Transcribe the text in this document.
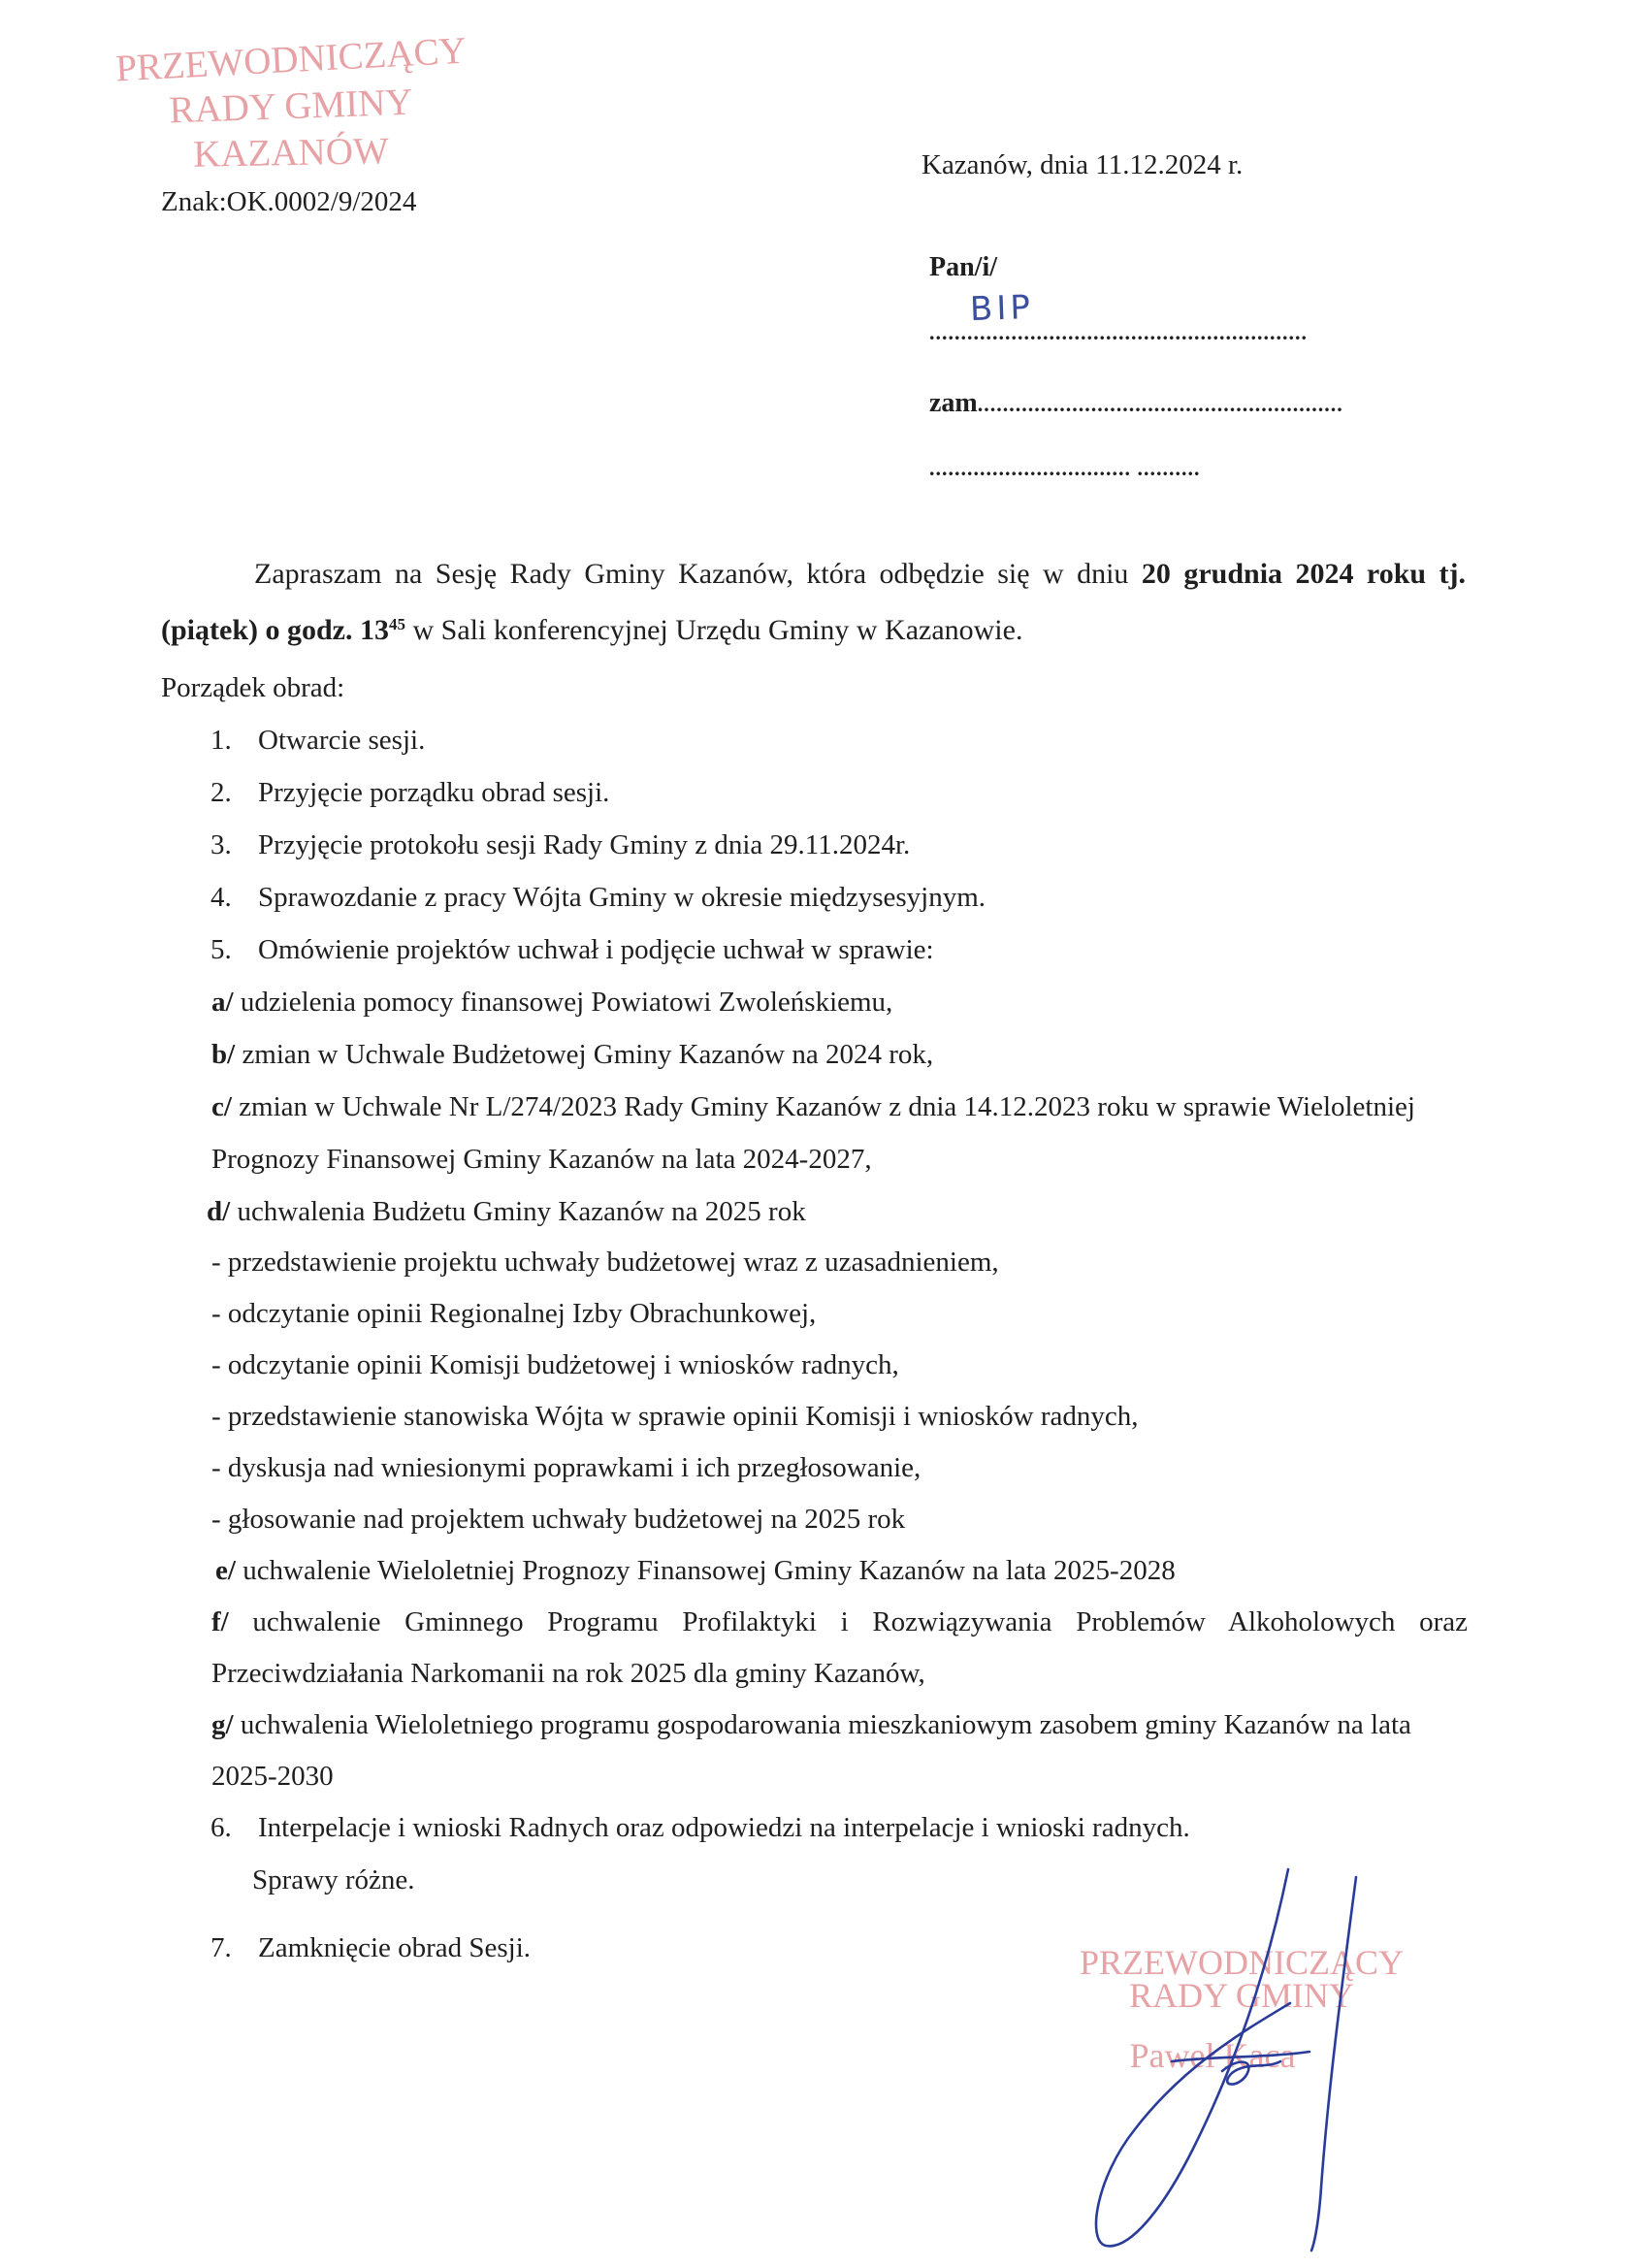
PRZEWODNICZĄCY
RADY GMINY
KAZANÓW
Znak:OK.0002/9/2024
Kazanów, dnia 11.12.2024 r.
Pan/i/
BIP
............................................................
zam..........................................................
................................ ..........

Zapraszam na Sesję Rady Gminy Kazanów, która odbędzie się w dniu 20 grudnia 2024 roku tj. (piątek) o godz. $13^{45}$ w Sali konferencyjnej Urzędu Gminy w Kazanowie.

Porządek obrad:
1. Otwarcie sesji.
2. Przyjęcie porządku obrad sesji.
3. Przyjęcie protokołu sesji Rady Gminy z dnia 29.11.2024r.
4. Sprawozdanie z pracy Wójta Gminy w okresie międzysesyjnym.
5. Omówienie projektów uchwał i podjęcie uchwał w sprawie:
a/ udzielenia pomocy finansowej Powiatowi Zwoleńskiemu,
b/ zmian w Uchwale Budżetowej Gminy Kazanów na 2024 rok,
c/ zmian w Uchwale Nr L/274/2023 Rady Gminy Kazanów z dnia 14.12.2023 roku w sprawie Wieloletniej
Prognozy Finansowej Gminy Kazanów na lata 2024-2027,
d/ uchwalenia Budżetu Gminy Kazanów na 2025 rok
- przedstawienie projektu uchwały budżetowej wraz z uzasadnieniem,
- odczytanie opinii Regionalnej Izby Obrachunkowej,
- odczytanie opinii Komisji budżetowej i wniosków radnych,
- przedstawienie stanowiska Wójta w sprawie opinii Komisji i wniosków radnych,
- dyskusja nad wniesionymi poprawkami i ich przegłosowanie,
- głosowanie nad projektem uchwały budżetowej na 2025 rok
e/ uchwalenie Wieloletniej Prognozy Finansowej Gminy Kazanów na lata 2025-2028
f/ uchwalenie Gminnego Programu Profilaktyki i Rozwiązywania Problemów Alkoholowych oraz
Przeciwdziałania Narkomanii na rok 2025 dla gminy Kazanów,
g/ uchwalenia Wieloletniego programu gospodarowania mieszkaniowym zasobem gminy Kazanów na lata
2025-2030
6. Interpelacje i wnioski Radnych oraz odpowiedzi na interpelacje i wnioski radnych.
Sprawy różne.
7. Zamknięcie obrad Sesji.	PRZEWODNICZĄCY
RADY GMINY
Paweł Kaca
